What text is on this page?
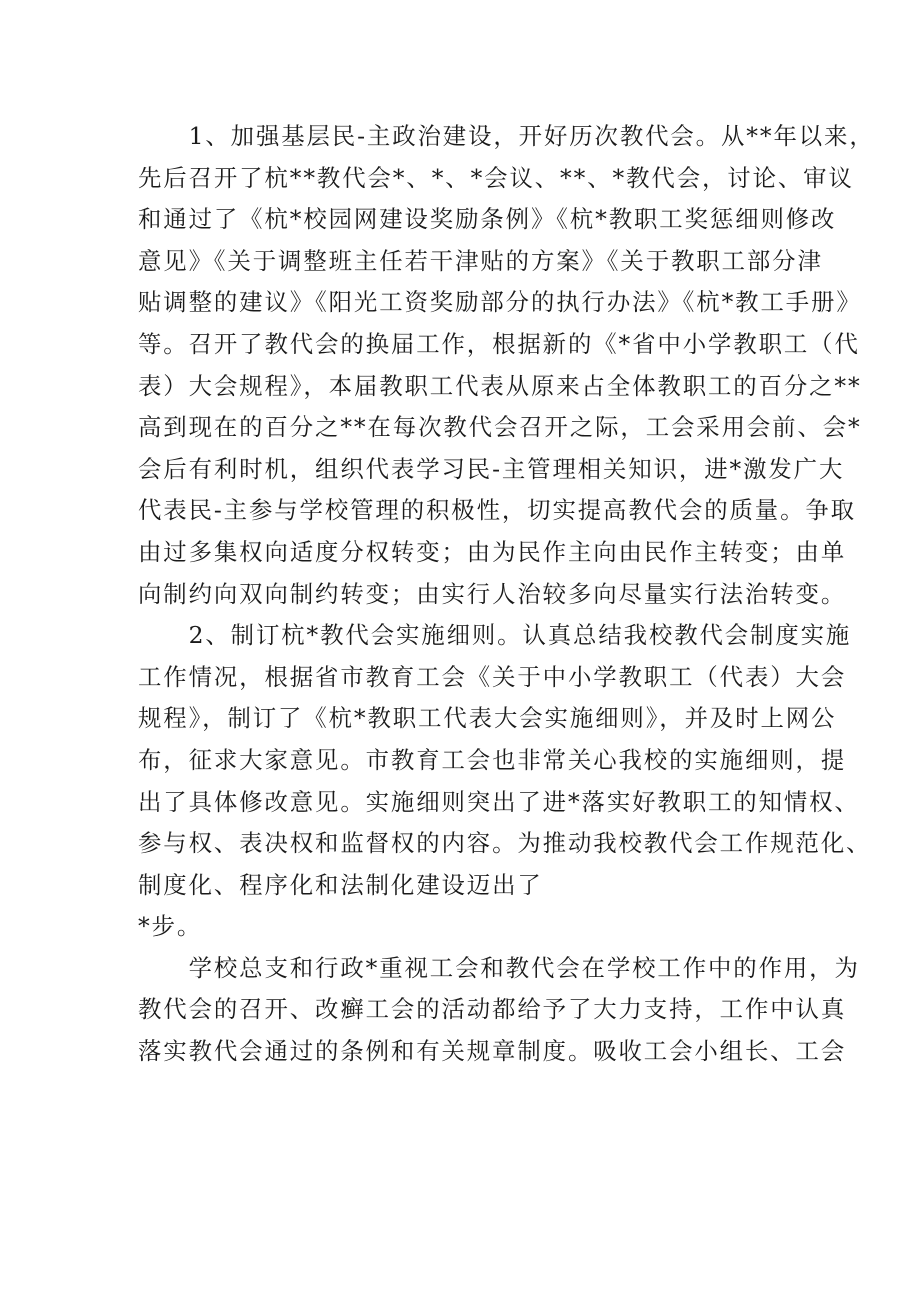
　　1、加强基层民-主政治建设，开好历次教代会。从**年以来，
先后召开了杭**教代会*、*、*会议、**、*教代会，讨论、审议
和通过了《杭*校园网建设奖励条例》《杭*教职工奖惩细则修改
意见》《关于调整班主任若干津贴的方案》《关于教职工部分津
贴调整的建议》《阳光工资奖励部分的执行办法》《杭*教工手册》
等。召开了教代会的换届工作，根据新的《*省中小学教职工（代
表）大会规程》，本届教职工代表从原来占全体教职工的百分之**
高到现在的百分之**在每次教代会召开之际，工会采用会前、会*
会后有利时机，组织代表学习民-主管理相关知识，进*激发广大
代表民-主参与学校管理的积极性，切实提高教代会的质量。争取
由过多集权向适度分权转变；由为民作主向由民作主转变；由单
向制约向双向制约转变；由实行人治较多向尽量实行法治转变。
　　2、制订杭*教代会实施细则。认真总结我校教代会制度实施
工作情况，根据省市教育工会《关于中小学教职工（代表）大会
规程》，制订了《杭*教职工代表大会实施细则》，并及时上网公
布，征求大家意见。市教育工会也非常关心我校的实施细则，提
出了具体修改意见。实施细则突出了进*落实好教职工的知情权、
参与权、表决权和监督权的内容。为推动我校教代会工作规范化、
制度化、程序化和法制化建设迈出了
*步。
　　学校总支和行政*重视工会和教代会在学校工作中的作用，为
教代会的召开、改癣工会的活动都给予了大力支持，工作中认真
落实教代会通过的条例和有关规章制度。吸收工会小组长、工会
